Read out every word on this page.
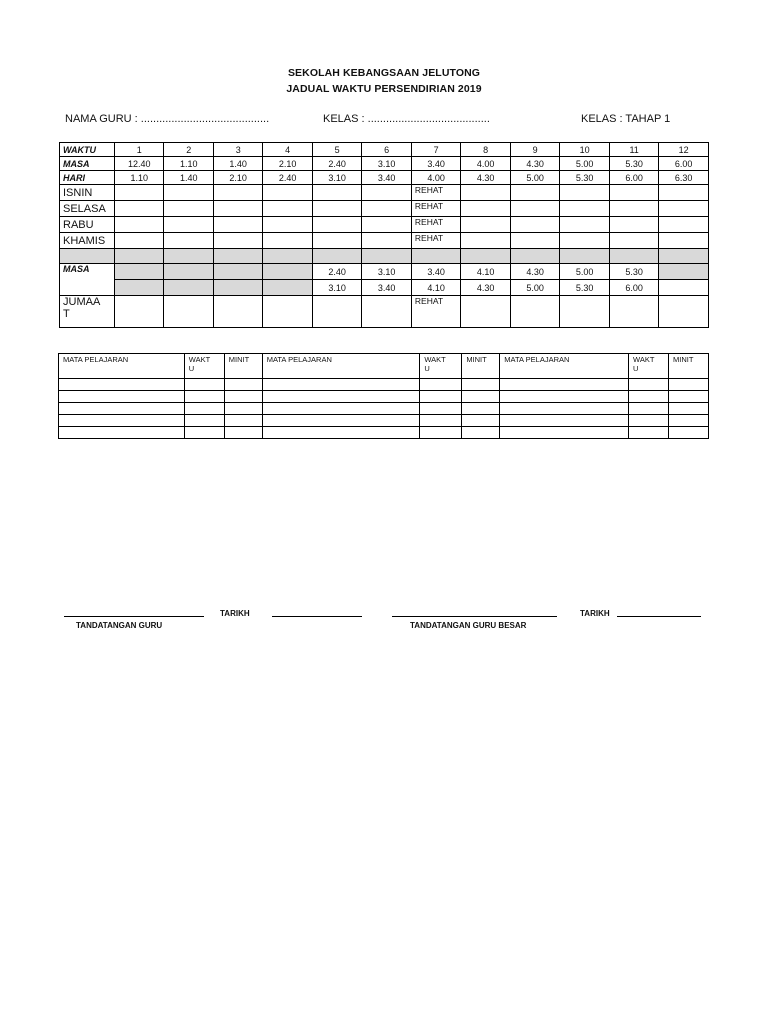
SEKOLAH KEBANGSAAN JELUTONG
JADUAL WAKTU PERSENDIRIAN 2019
NAMA GURU : ..........................................	KELAS : ........................................	KELAS : TAHAP 1
WAKTU	1	2	3	4	5	6	7	8	9	10	11	12
MASA	12.40	1.10	1.40	2.10	2.40	3.10	3.40	4.00	4.30	5.00	5.30	6.00
HARI	1.10	1.40	2.10	2.40	3.10	3.40	4.00	4.30	5.00	5.30	6.00	6.30
ISNIN							REHAT					
SELASA							REHAT					
RABU							REHAT					
KHAMIS							REHAT					

MASA					2.40	3.10	3.40	4.10	4.30	5.00	5.30	
					3.10	3.40	4.10	4.30	5.00	5.30	6.00	
JUMAA
T							REHAT					
MATA PELAJARAN	WAKT
U	MINIT	MATA PELAJARAN	WAKT
U	MINIT	MATA PELAJARAN	WAKT
U	MINIT

TARIKH	TARIKH
TANDATANGAN GURU	TANDATANGAN GURU BESAR
